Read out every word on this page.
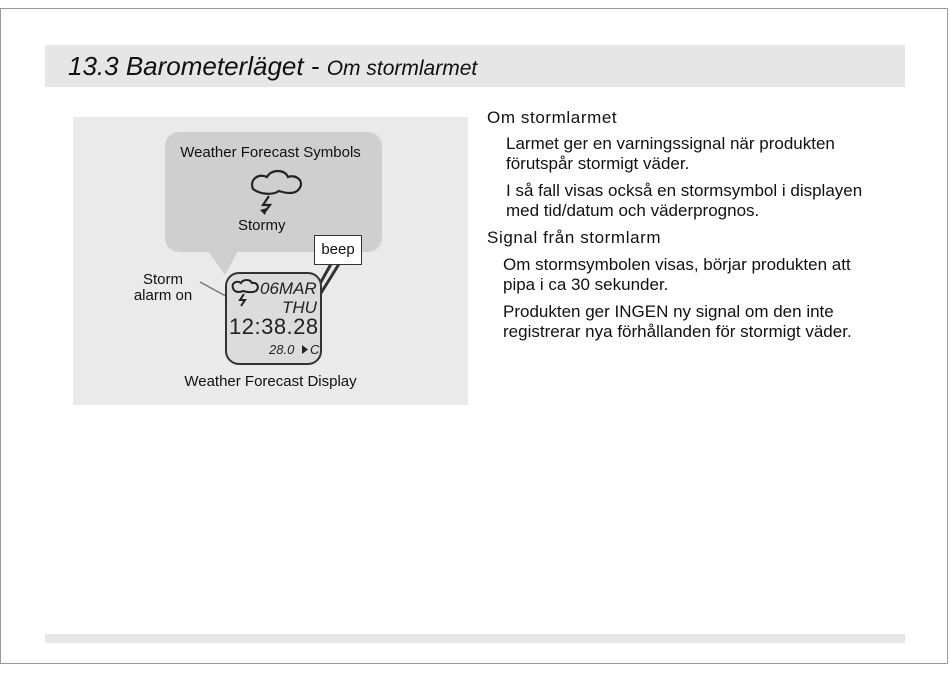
13.3 Barometerläget - Om stormlarmet
Weather Forecast Symbols
Stormy
Storm alarm on
beep
06MAR
THU
12:38.28
28.0 C
Weather Forecast Display
Om stormlarmet
Larmet ger en varningssignal när produkten
förutspår stormigt väder.
I så fall visas också en stormsymbol i displayen
med tid/datum och väderprognos.
Signal från stormlarm
Om stormsymbolen visas, börjar produkten att
pipa i ca 30 sekunder.
Produkten ger INGEN ny signal om den inte
registrerar nya förhållanden för stormigt väder.
